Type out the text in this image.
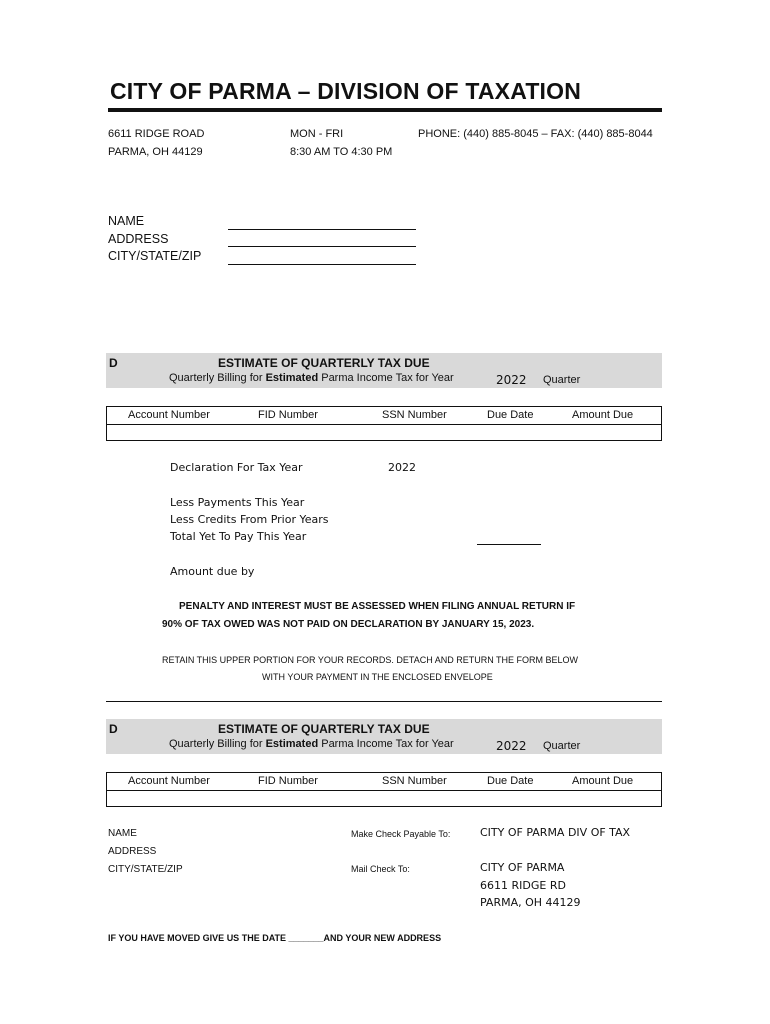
CITY OF PARMA – DIVISION OF TAXATION
6611 RIDGE ROAD
PARMA, OH 44129
MON - FRI
8:30 AM TO 4:30 PM
PHONE: (440) 885-8045 – FAX: (440) 885-8044
NAME
ADDRESS
CITY/STATE/ZIP
D	ESTIMATE OF QUARTERLY TAX DUE
Quarterly Billing for Estimated Parma Income Tax for Year	2022 Quarter
Account Number	FID Number	SSN Number	Due Date	Amount Due
Declaration For Tax Year	2022
Less Payments This Year
Less Credits From Prior Years
Total Yet To Pay This Year
Amount due by
PENALTY AND INTEREST MUST BE ASSESSED WHEN FILING ANNUAL RETURN IF
90% OF TAX OWED WAS NOT PAID ON DECLARATION BY JANUARY 15, 2023.
RETAIN THIS UPPER PORTION FOR YOUR RECORDS. DETACH AND RETURN THE FORM BELOW
WITH YOUR PAYMENT IN THE ENCLOSED ENVELOPE
D	ESTIMATE OF QUARTERLY TAX DUE
Quarterly Billing for Estimated Parma Income Tax for Year	2022 Quarter
Account Number	FID Number	SSN Number	Due Date	Amount Due
NAME
ADDRESS
CITY/STATE/ZIP
Make Check Payable To:	CITY OF PARMA DIV OF TAX
Mail Check To:	CITY OF PARMA
6611 RIDGE RD
PARMA, OH 44129
IF YOU HAVE MOVED GIVE US THE DATE _______AND YOUR NEW ADDRESS
